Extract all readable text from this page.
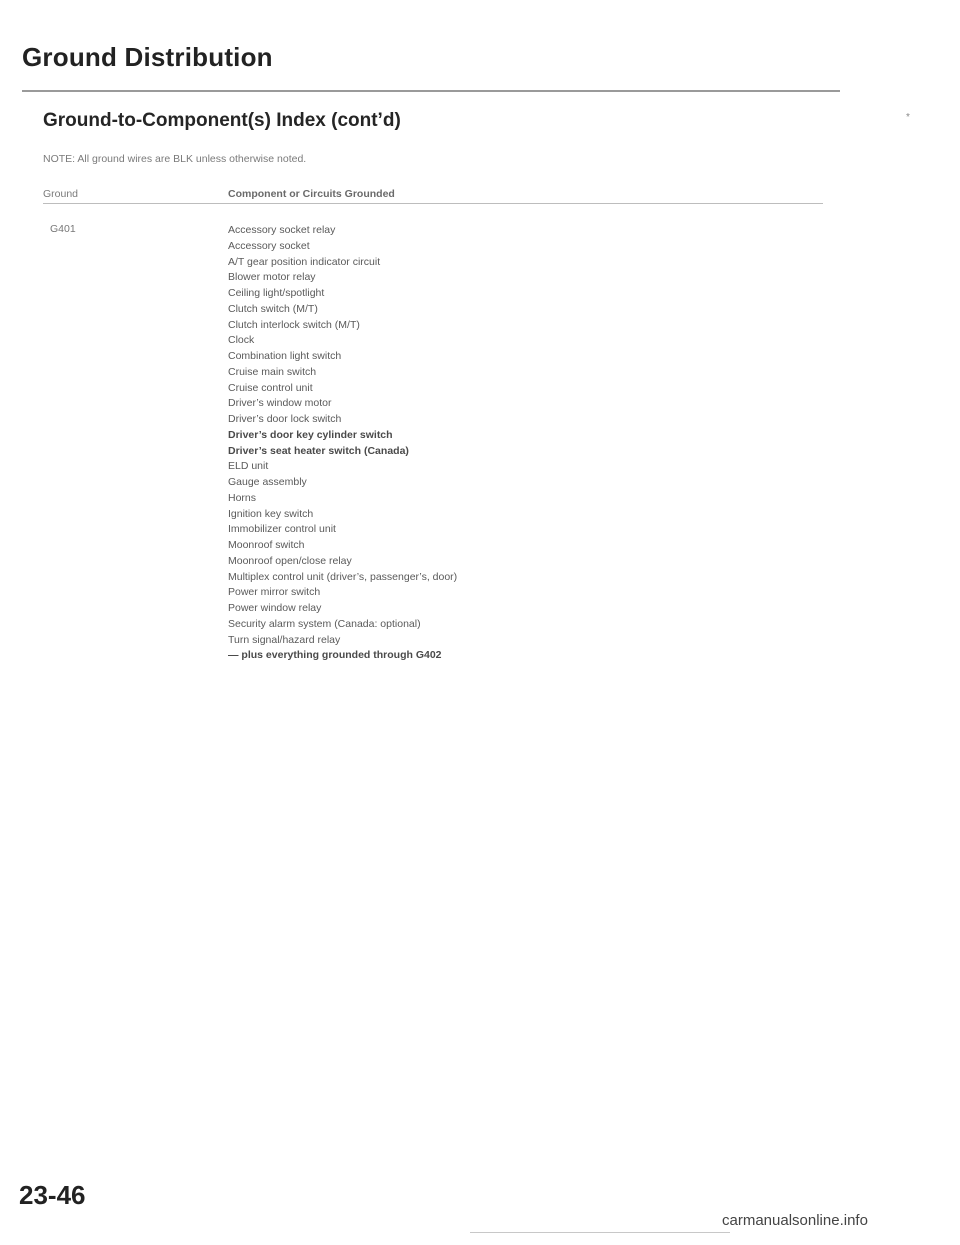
Ground Distribution
Ground-to-Component(s) Index (cont’d)
NOTE: All ground wires are BLK unless otherwise noted.
Ground	Component or Circuits Grounded
G401	Accessory socket relay
Accessory socket
A/T gear position indicator circuit
Blower motor relay
Ceiling light/spotlight
Clutch switch (M/T)
Clutch interlock switch (M/T)
Clock
Combination light switch
Cruise main switch
Cruise control unit
Driver’s window motor
Driver’s door lock switch
Driver’s door key cylinder switch
Driver’s seat heater switch (Canada)
ELD unit
Gauge assembly
Horns
Ignition key switch
Immobilizer control unit
Moonroof switch
Moonroof open/close relay
Multiplex control unit (driver’s, passenger’s, door)
Power mirror switch
Power window relay
Security alarm system (Canada: optional)
Turn signal/hazard relay
— plus everything grounded through G402
*
23-46
carmanualsonline.info
